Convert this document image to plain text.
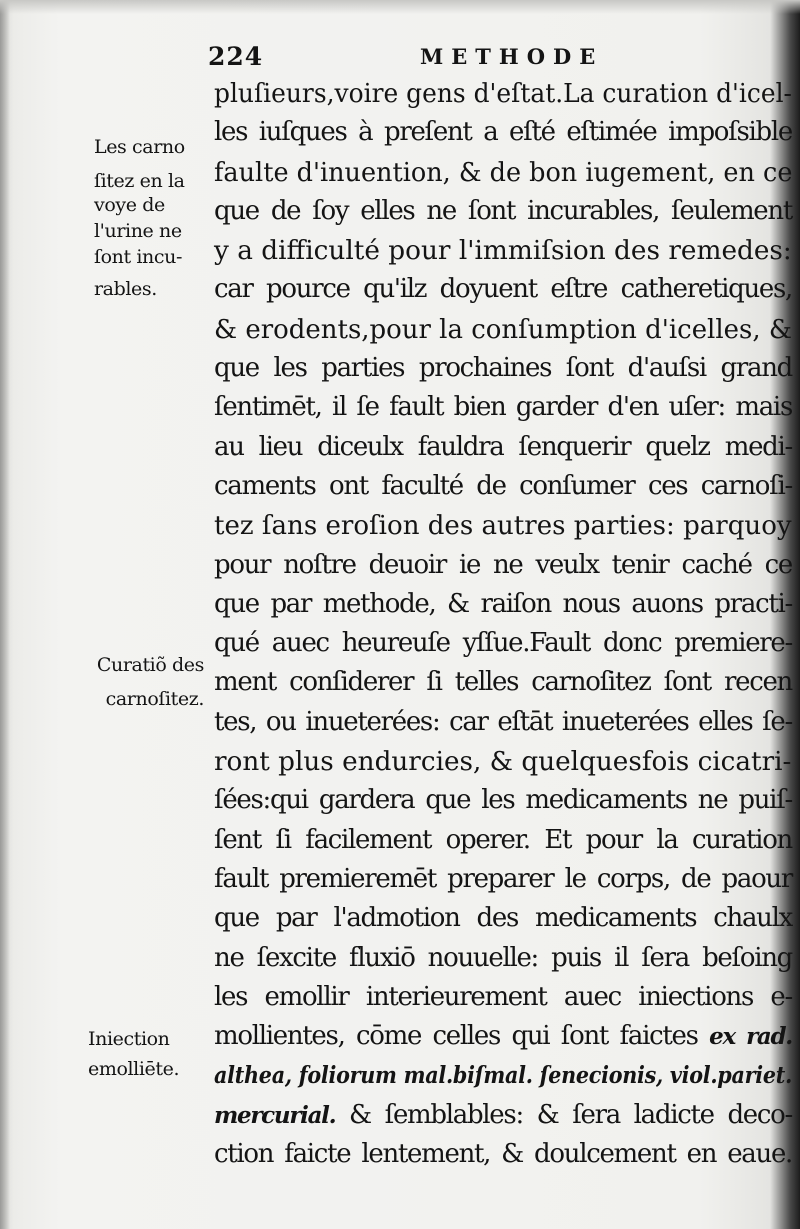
224	METHODE
Les carno
ſitez en la
voye de
l'urine ne
ſont incu-
rables.
Curatiõ des
carnoſitez.
Iniection
emolliēte.
pluſieurs,voire gens d'eſtat.La curation d'icel-
les iuſques à preſent a eſté eſtimée impoſsible
faulte d'inuention, & de bon iugement, en ce
que de ſoy elles ne ſont incurables, ſeulement
y a difficulté pour l'immiſsion des remedes:
car pource qu'ilz doyuent eſtre catheretiques,
& erodents,pour la conſumption d'icelles, &
que les parties prochaines ſont d'auſsi grand
ſentimēt, il ſe fault bien garder d'en uſer: mais
au lieu diceulx fauldra ſenquerir quelz medi-
caments ont faculté de conſumer ces carnoſi-
tez ſans eroſion des autres parties: parquoy
pour noſtre deuoir ie ne veulx tenir caché ce
que par methode, & raiſon nous auons practi-
qué auec heureuſe yſſue.Fault donc premiere-
ment conſiderer ſi telles carnoſitez ſont recen
tes, ou inueterées: car eſtāt inueterées elles ſe-
ront plus endurcies, & quelquesfois cicatri-
ſées:qui gardera que les medicaments ne puiſ-
ſent ſi facilement operer. Et pour la curation
fault premieremēt preparer le corps, de paour
que par l'admotion des medicaments chaulx
ne ſexcite fluxiō nouuelle: puis il ſera beſoing
les emollir interieurement auec iniections e-
mollientes, cōme celles qui ſont faictes ex rad.
althea, foliorum mal.biſmal. ſenecionis, viol.pariet.
mercurial. & ſemblables: & ſera ladicte deco-
ction faicte lentement, & doulcement en eaue.
